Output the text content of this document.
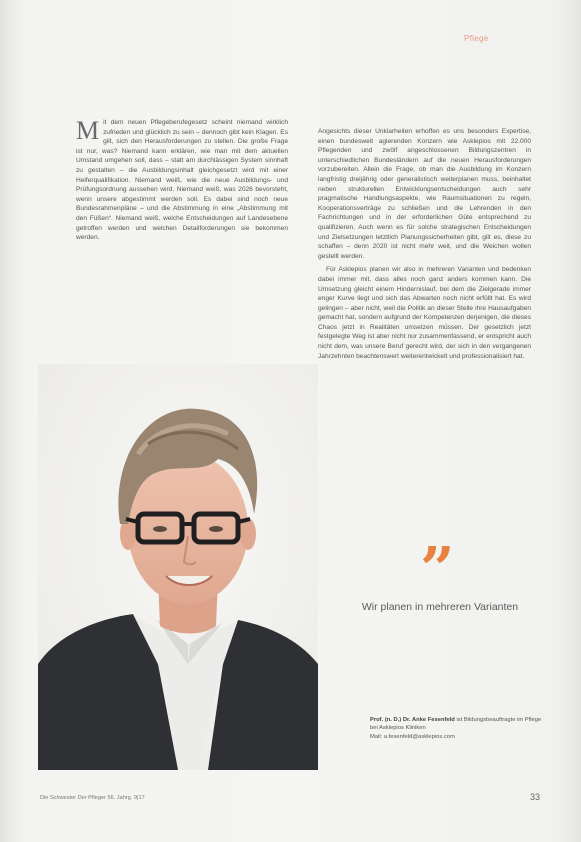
Pflege

Mit dem neuen Pflegeberufegesetz scheint niemand wirklich zufrieden und glücklich zu sein – dennoch gibt kein Klagen. Es gilt, sich den Herausforderungen zu stellen. Die große Frage ist nur, was? Niemand kann erklären, wie man mit dem aktuellen Umstand umgehen soll, dass – statt am durchlässigen System sinnhaft zu gestalten – die Ausbildungsinhalt gleichgesetzt wird mit einer Helferqualifikation. Niemand weiß, wie die neue Ausbildungs- und Prüfungsordnung aussehen wird. Niemand weiß, was 2026 bevorsteht, wenn unsere abgestimmt werden soll. Es dabei sind noch neue Bundesrahmenpläne – und die Abstimmung in eine „Abstimmung mit den Füßen“. Niemand weiß, welche Entscheidungen auf Landesebene getroffen werden und welchen Detailforderungen sie bekommen werden.

Angesichts dieser Unklarheiten erhoffen es uns besonders Expertise, einen bundesweit agierenden Konzern wie Asklepios mit 22.000 Pflegenden und zwölf angeschlossenen Bildungszentren in unterschiedlichen Bundesländern auf die neuen Herausforderungen vorzubereiten. Allein die Frage, ob man die Ausbildung im Konzern langfristig dreijährig oder generalistisch weiterplanen muss, beinhaltet neben strukturellen Entwicklungsentscheidungen auch sehr pragmatische Handlungsaspekte, wie Raumsituationen zu regeln, Kooperationsverträge zu schließen und die Lehrenden in den Fachrichtungen und in der erforderlichen Güte entsprechend zu qualifizieren. Auch wenn es für solche strategischen Entscheidungen und Zielsetzungen letztlich Planungssicherheiten gibt, gilt es, diese zu schaffen – denn 2020 ist nicht mehr weit, und die Weichen wollen gestellt werden.

Für Asklepios planen wir also in mehreren Varianten und bedenken dabei immer mit, dass alles noch ganz anders kommen kann. Die Umsetzung gleicht einem Hindernislauf, bei dem die Zielgerade immer enger Kurve liegt und sich das Abwarten noch nicht erfüllt hat. Es wird gelingen – aber nicht, weil die Politik an dieser Stelle ihre Hausaufgaben gemacht hat, sondern aufgrund der Kompetenzen derjenigen, die dieses Chaos jetzt in Realitäten umsetzen müssen. Der gesetzlich jetzt festgelegte Weg ist aber nicht nur zusammenfassend, er entspricht auch nicht dem, was unsere Beruf gerecht wird, der sich in den vergangenen Jahrzehnten beachtenswert weiterentwickelt und professionalisiert hat.

”
Wir planen in mehreren Varianten
Prof. (n. D.) Dr. Anke Fesenfeld ist Bildungsbeauftragte im Pflege bei Asklepios Kliniken
Mail: a.fesenfeld@asklepios.com
Die Schwester Der Pfleger 56. Jahrg. 9|17	33
